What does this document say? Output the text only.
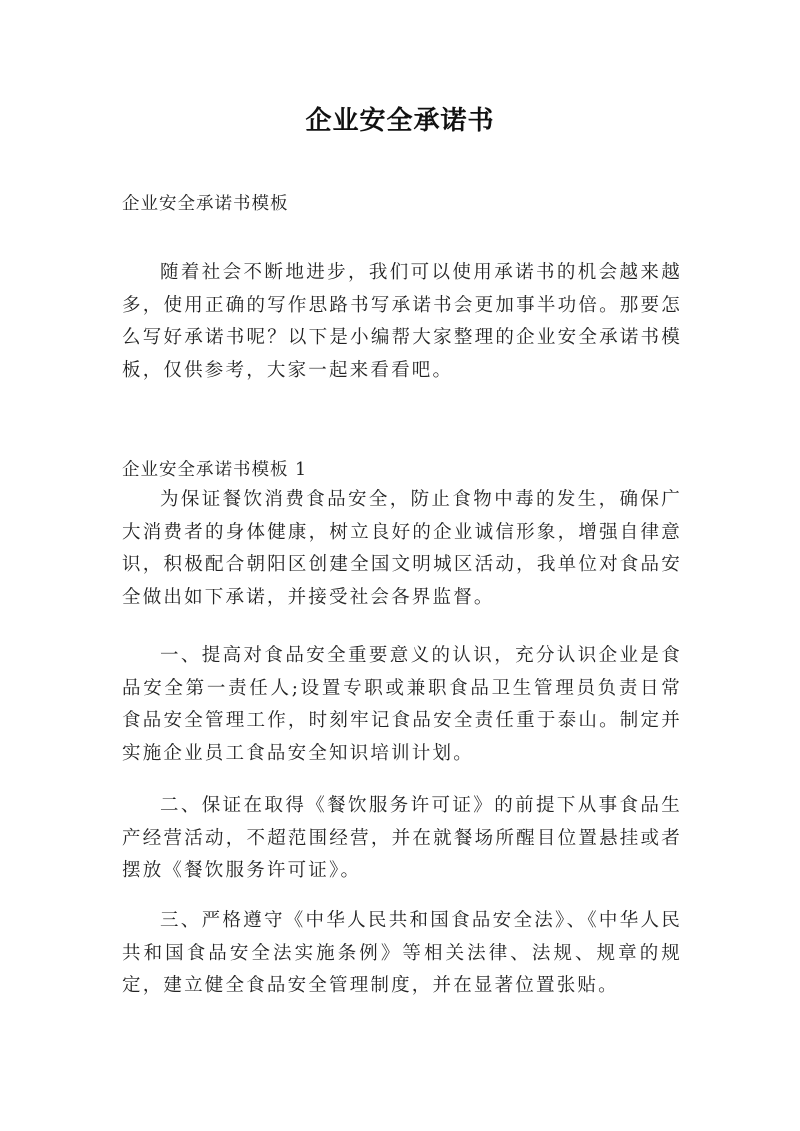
企业安全承诺书
企业安全承诺书模板

随着社会不断地进步，我们可以使用承诺书的机会越来越多，使用正确的写作思路书写承诺书会更加事半功倍。那要怎么写好承诺书呢？以下是小编帮大家整理的企业安全承诺书模板，仅供参考，大家一起来看看吧。

企业安全承诺书模板 1

为保证餐饮消费食品安全，防止食物中毒的发生，确保广大消费者的身体健康，树立良好的企业诚信形象，增强自律意识，积极配合朝阳区创建全国文明城区活动，我单位对食品安全做出如下承诺，并接受社会各界监督。

一、提高对食品安全重要意义的认识，充分认识企业是食品安全第一责任人;设置专职或兼职食品卫生管理员负责日常食品安全管理工作，时刻牢记食品安全责任重于泰山。制定并实施企业员工食品安全知识培训计划。

二、保证在取得《餐饮服务许可证》的前提下从事食品生产经营活动，不超范围经营，并在就餐场所醒目位置悬挂或者摆放《餐饮服务许可证》。

三、严格遵守《中华人民共和国食品安全法》、《中华人民共和国食品安全法实施条例》等相关法律、法规、规章的规定，建立健全食品安全管理制度，并在显著位置张贴。
